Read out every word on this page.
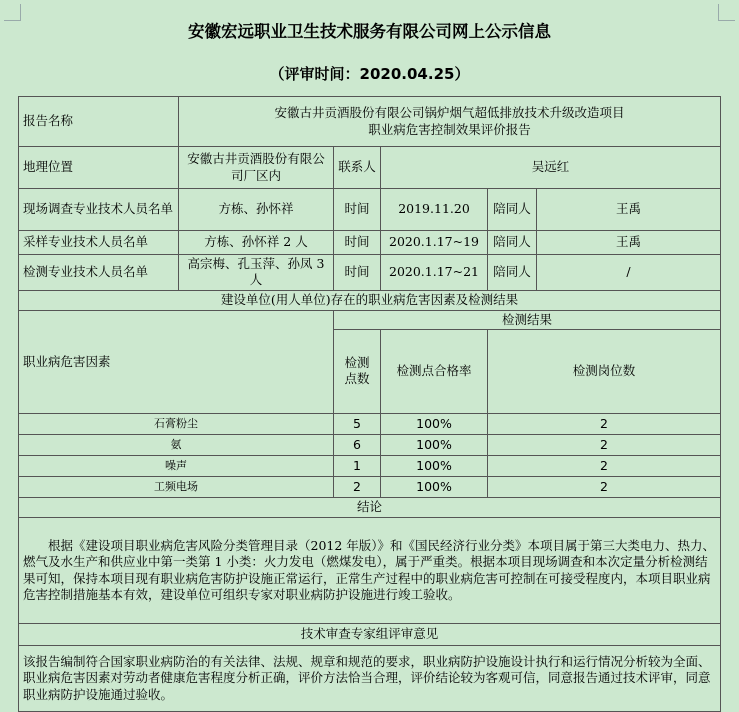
安徽宏远职业卫生技术服务有限公司网上公示信息
（评审时间：2020.04.25）
报告名称	安徽古井贡酒股份有限公司锅炉烟气超低排放技术升级改造项目
职业病危害控制效果评价报告					

地理位置	安徽古井贡酒股份有限公司厂区内	联系人	吴远红			
现场调查专业技术人员名单	方栋、孙怀祥	时间	2019.11.20	陪同人	王禹	
采样专业技术人员名单	方栋、孙怀祥 2 人	时间	2020.1.17~19	陪同人	王禹	
检测专业技术人员名单	高宗梅、孔玉萍、孙凤 3 人	时间	2020.1.17~21	陪同人	/	
建设单位(用人单位)存在的职业病危害因素及检测结果						
职业病危害因素		检测结果				
		检测点数	检测点合格率	检测岗位数	
石膏粉尘		5	100%	2	
氨		6	100%	2	
噪声		1	100%	2	
工频电场		2	100%	2	
结论						
根据《建设项目职业病危害风险分类管理目录（2012 年版）》和《国民经济行业分类》本项目属于第三大类电力、热力、燃气及水生产和供应业中第一类第 1 小类：火力发电（燃煤发电），属于严重类。根据本项目现场调查和本次定量分析检测结果可知，保持本项目现有职业病危害防护设施正常运行，正常生产过程中的职业病危害可控制在可接受程度内，本项目职业病危害控制措施基本有效，建设单位可组织专家对职业病防护设施进行竣工验收。						
技术审查专家组评审意见						
该报告编制符合国家职业病防治的有关法律、法规、规章和规范的要求，职业病防护设施设计执行和运行情况分析较为全面、职业病危害因素对劳动者健康危害程度分析正确，评价方法恰当合理，评价结论较为客观可信，同意报告通过技术评审，同意职业病防护设施通过验收。						
